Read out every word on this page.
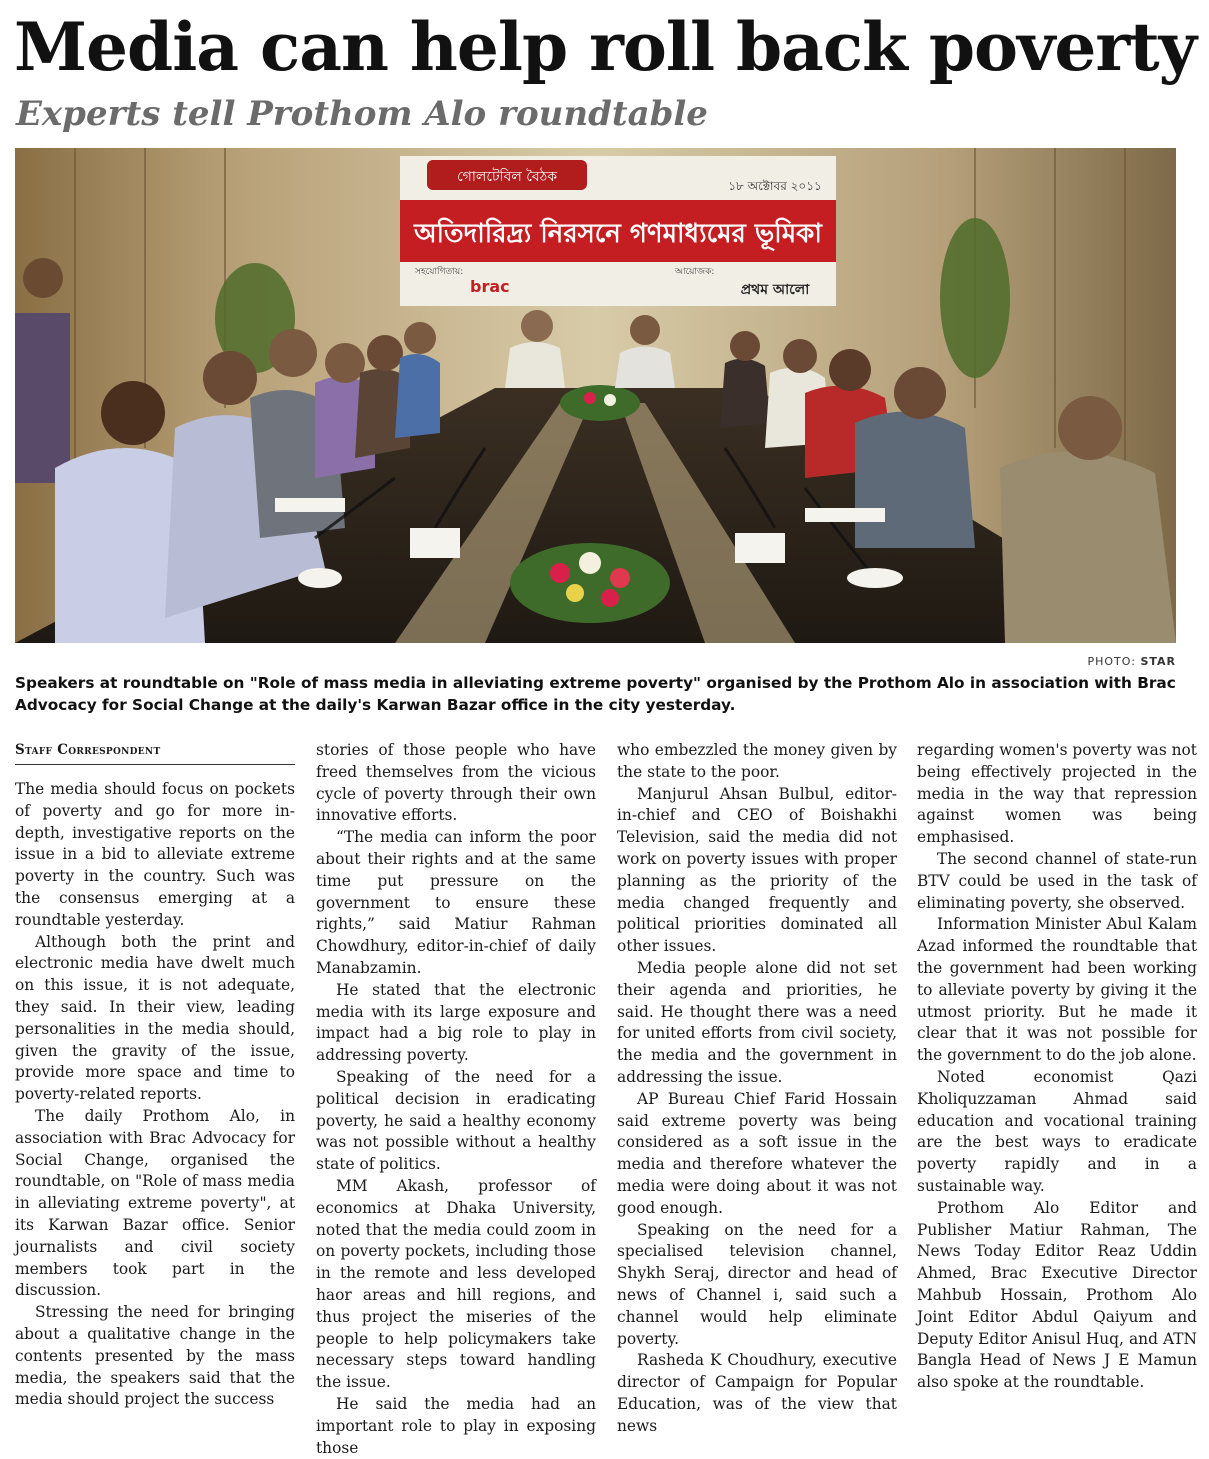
Media can help roll back poverty
Experts tell Prothom Alo roundtable
গোলটেবিল বৈঠক
১৮ অক্টোবর ২০১১
অতিদারিদ্র্য নিরসনে গণমাধ্যমের ভূমিকা
সহযোগিতায়:
brac
আয়োজক:
প্রথম আলো
PHOTO: STAR

Speakers at roundtable on "Role of mass media in alleviating extreme poverty" organised by the Prothom Alo in association with Brac Advocacy for Social Change at the daily's Karwan Bazar office in the city yesterday.

Staff Correspondent

The media should focus on pockets of poverty and go for more in-depth, investigative reports on the issue in a bid to alleviate extreme poverty in the country. Such was the consensus emerging at a roundtable yesterday.

Although both the print and electronic media have dwelt much on this issue, it is not adequate, they said. In their view, leading personalities in the media should, given the gravity of the issue, provide more space and time to poverty-related reports.

The daily Prothom Alo, in association with Brac Advocacy for Social Change, organised the roundtable, on "Role of mass media in alleviating extreme poverty", at its Karwan Bazar office. Senior journalists and civil society members took part in the discussion.

Stressing the need for bringing about a qualitative change in the contents presented by the mass media, the speakers said that the media should project the success

stories of those people who have freed themselves from the vicious cycle of poverty through their own innovative efforts.

“The media can inform the poor about their rights and at the same time put pressure on the government to ensure these rights,” said Matiur Rahman Chowdhury, editor-in-chief of daily Manabzamin.

He stated that the electronic media with its large exposure and impact had a big role to play in addressing poverty.

Speaking of the need for a political decision in eradicating poverty, he said a healthy economy was not possible without a healthy state of politics.

MM Akash, professor of economics at Dhaka University, noted that the media could zoom in on poverty pockets, including those in the remote and less developed haor areas and hill regions, and thus project the miseries of the people to help policymakers take necessary steps toward handling the issue.

He said the media had an important role to play in exposing those

who embezzled the money given by the state to the poor.

Manjurul Ahsan Bulbul, editor-in-chief and CEO of Boishakhi Television, said the media did not work on poverty issues with proper planning as the priority of the media changed frequently and political priorities dominated all other issues.

Media people alone did not set their agenda and priorities, he said. He thought there was a need for united efforts from civil society, the media and the government in addressing the issue.

AP Bureau Chief Farid Hossain said extreme poverty was being considered as a soft issue in the media and therefore whatever the media were doing about it was not good enough.

Speaking on the need for a specialised television channel, Shykh Seraj, director and head of news of Channel i, said such a channel would help eliminate poverty.

Rasheda K Choudhury, executive director of Campaign for Popular Education, was of the view that news

regarding women's poverty was not being effectively projected in the media in the way that repression against women was being emphasised.

The second channel of state-run BTV could be used in the task of eliminating poverty, she observed.

Information Minister Abul Kalam Azad informed the roundtable that the government had been working to alleviate poverty by giving it the utmost priority. But he made it clear that it was not possible for the government to do the job alone.

Noted economist Qazi Kholiquzzaman Ahmad said education and vocational training are the best ways to eradicate poverty rapidly and in a sustainable way.

Prothom Alo Editor and Publisher Matiur Rahman, The News Today Editor Reaz Uddin Ahmed, Brac Executive Director Mahbub Hossain, Prothom Alo Joint Editor Abdul Qaiyum and Deputy Editor Anisul Huq, and ATN Bangla Head of News J E Mamun also spoke at the roundtable.
